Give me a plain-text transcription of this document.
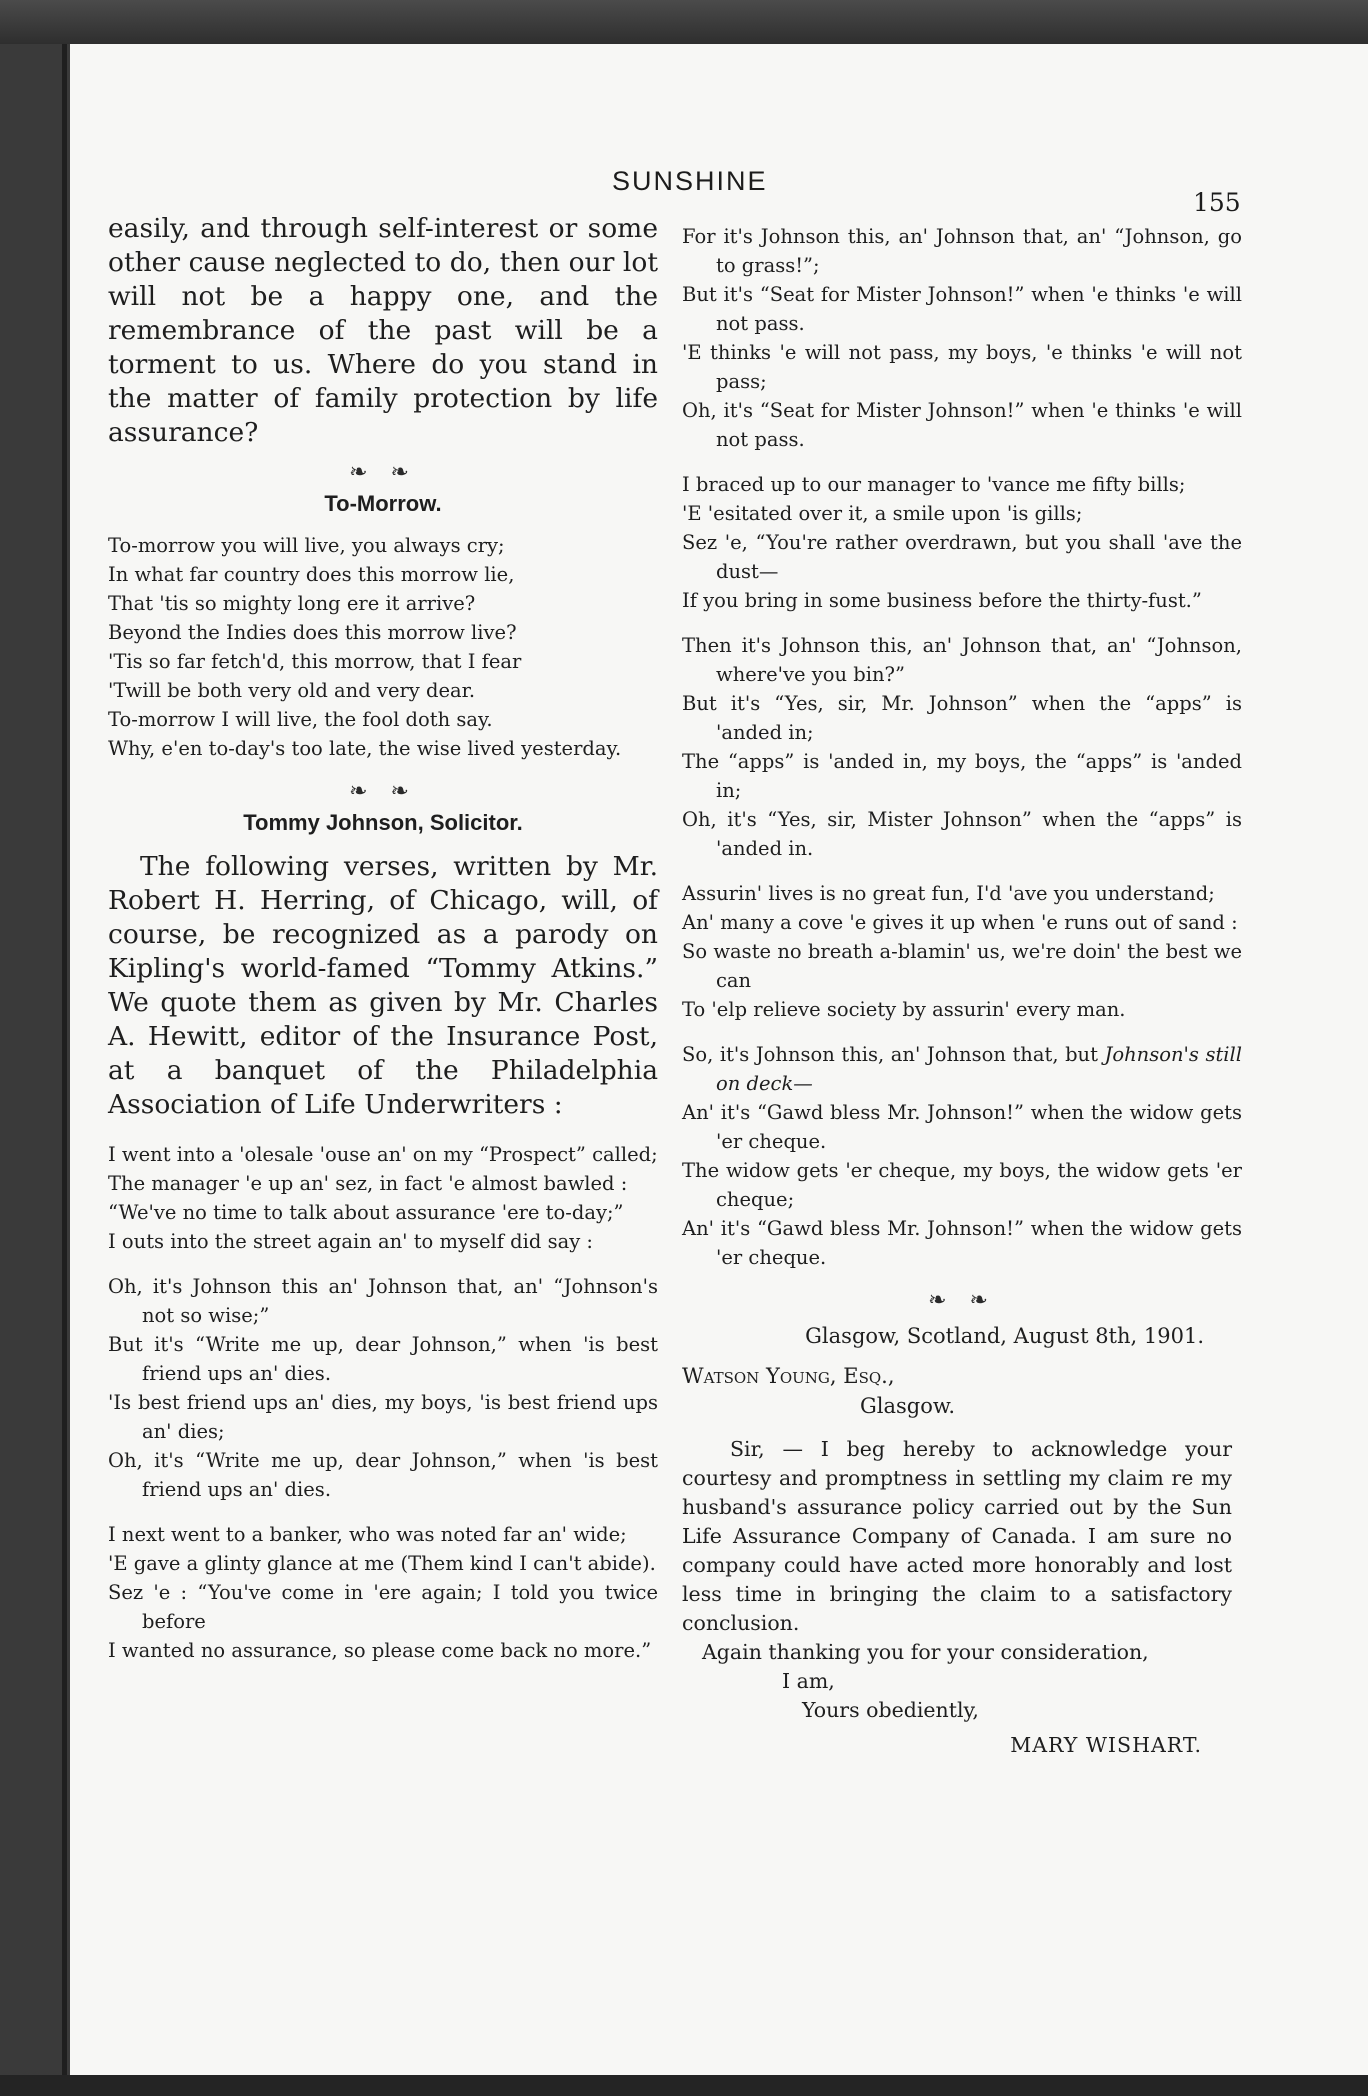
SUNSHINE
155

easily, and through self-interest or some other cause neglected to do, then our lot will not be a happy one, and the remembrance of the past will be a torment to us. Where do you stand in the matter of family protection by life assurance?

❧ ❧
To-Morrow.
To-morrow you will live, you always cry;
In what far country does this morrow lie,
That 'tis so mighty long ere it arrive?
Beyond the Indies does this morrow live?
'Tis so far fetch'd, this morrow, that I fear
'Twill be both very old and very dear.
To-morrow I will live, the fool doth say.
Why, e'en to-day's too late, the wise lived yesterday.
❧ ❧
Tommy Johnson, Solicitor.

The following verses, written by Mr. Robert H. Herring, of Chicago, will, of course, be recognized as a parody on Kipling's world-famed “Tommy Atkins.” We quote them as given by Mr. Charles A. Hewitt, editor of the Insurance Post, at a banquet of the Philadelphia Association of Life Underwriters :

I went into a 'olesale 'ouse an' on my “Prospect” called;
The manager 'e up an' sez, in fact 'e almost bawled :
“We've no time to talk about assurance 'ere to-day;”
I outs into the street again an' to myself did say :
Oh, it's Johnson this an' Johnson that, an' “Johnson's not so wise;”
But it's “Write me up, dear Johnson,” when 'is best friend ups an' dies.
'Is best friend ups an' dies, my boys, 'is best friend ups an' dies;
Oh, it's “Write me up, dear Johnson,” when 'is best friend ups an' dies.
I next went to a banker, who was noted far an' wide;
'E gave a glinty glance at me (Them kind I can't abide).
Sez 'e : “You've come in 'ere again; I told you twice before
I wanted no assurance, so please come back no more.”
For it's Johnson this, an' Johnson that, an' “Johnson, go to grass!”;
But it's “Seat for Mister Johnson!” when 'e thinks 'e will not pass.
'E thinks 'e will not pass, my boys, 'e thinks 'e will not pass;
Oh, it's “Seat for Mister Johnson!” when 'e thinks 'e will not pass.
I braced up to our manager to 'vance me fifty bills;
'E 'esitated over it, a smile upon 'is gills;
Sez 'e, “You're rather overdrawn, but you shall 'ave the dust—
If you bring in some business before the thirty-fust.”
Then it's Johnson this, an' Johnson that, an' “Johnson, where've you bin?”
But it's “Yes, sir, Mr. Johnson” when the “apps” is 'anded in;
The “apps” is 'anded in, my boys, the “apps” is 'anded in;
Oh, it's “Yes, sir, Mister Johnson” when the “apps” is 'anded in.
Assurin' lives is no great fun, I'd 'ave you understand;
An' many a cove 'e gives it up when 'e runs out of sand :
So waste no breath a-blamin' us, we're doin' the best we can
To 'elp relieve society by assurin' every man.
So, it's Johnson this, an' Johnson that, but Johnson's still on deck—
An' it's “Gawd bless Mr. Johnson!” when the widow gets 'er cheque.
The widow gets 'er cheque, my boys, the widow gets 'er cheque;
An' it's “Gawd bless Mr. Johnson!” when the widow gets 'er cheque.
❧ ❧
Glasgow, Scotland, August 8th, 1901.
Watson Young, Esq.,
Glasgow.

Sir, — I beg hereby to acknowledge your courtesy and promptness in settling my claim re my husband's assurance policy carried out by the Sun Life Assurance Company of Canada. I am sure no company could have acted more honorably and lost less time in bringing the claim to a satisfactory conclusion.

Again thanking you for your consideration,
I am,
Yours obediently,
MARY WISHART.
